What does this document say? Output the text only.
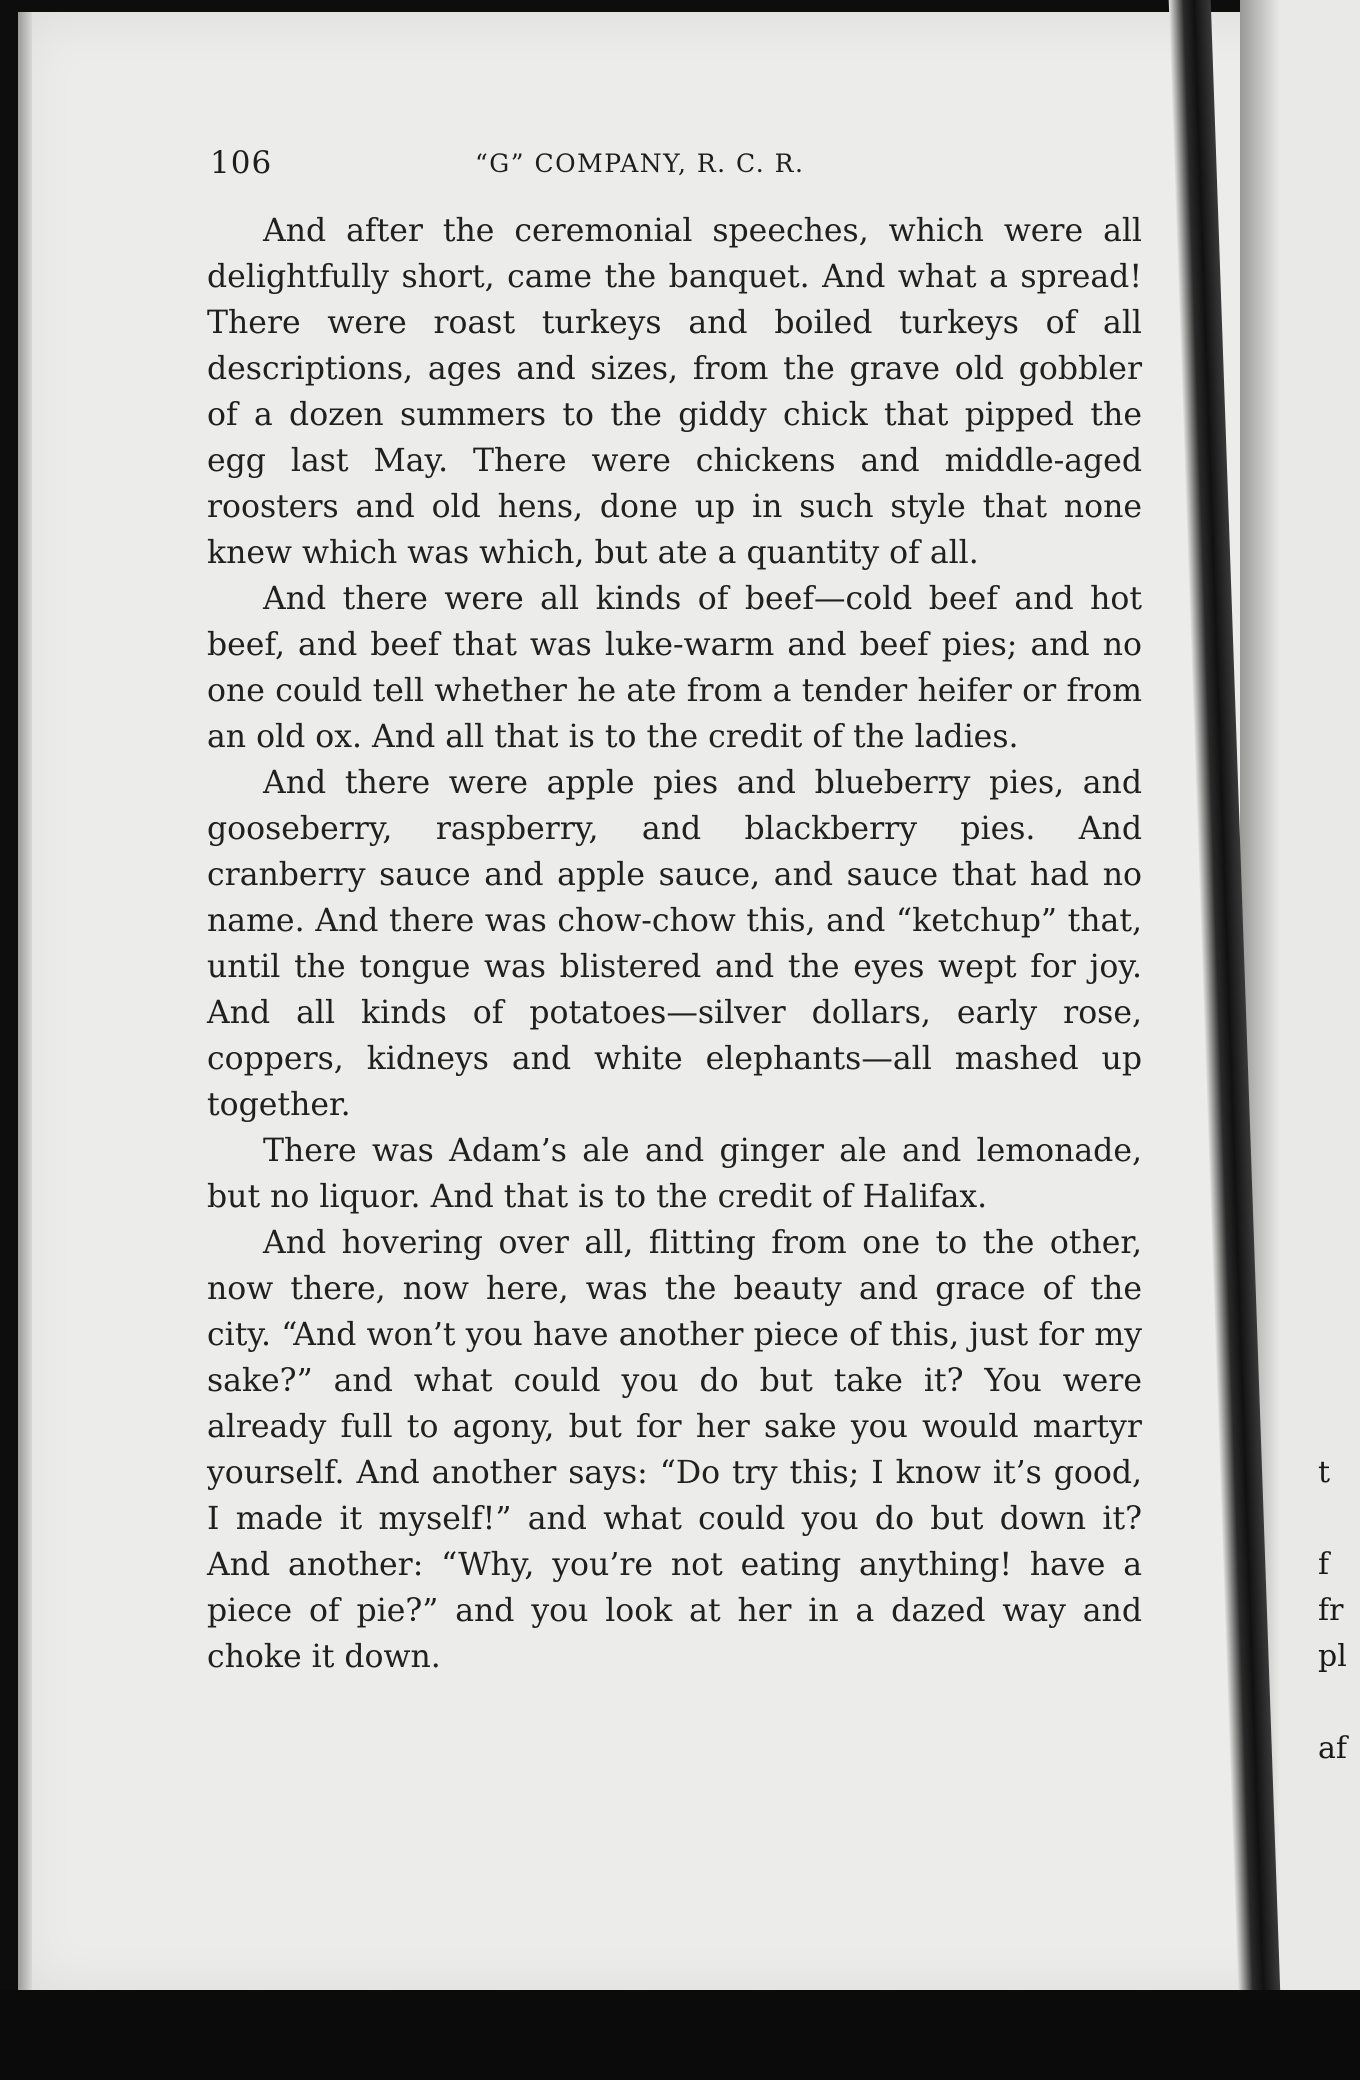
t
f
fr
pl
af
106	“G” COMPANY, R. C. R.

And after the ceremonial speeches, which were all delightfully short, came the banquet. And what a spread! There were roast turkeys and boiled turkeys of all descriptions, ages and sizes, from the grave old gobbler of a dozen summers to the giddy chick that pipped the egg last May. There were chickens and middle-aged roosters and old hens, done up in such style that none knew which was which, but ate a quantity of all.

And there were all kinds of beef—cold beef and hot beef, and beef that was luke-warm and beef pies; and no one could tell whether he ate from a tender heifer or from an old ox. And all that is to the credit of the ladies.

And there were apple pies and blueberry pies, and gooseberry, raspberry, and blackberry pies. And cranberry sauce and apple sauce, and sauce that had no name. And there was chow-chow this, and “ketchup” that, until the tongue was blistered and the eyes wept for joy. And all kinds of potatoes—silver dollars, early rose, coppers, kidneys and white elephants—all mashed up together.

There was Adam’s ale and ginger ale and lemonade, but no liquor. And that is to the credit of Halifax.

And hovering over all, flitting from one to the other, now there, now here, was the beauty and grace of the city. “And won’t you have another piece of this, just for my sake?” and what could you do but take it? You were already full to agony, but for her sake you would martyr yourself. And another says: “Do try this; I know it’s good, I made it myself!” and what could you do but down it? And another: “Why, you’re not eating anything! have a piece of pie?” and you look at her in a dazed way and choke it down.
